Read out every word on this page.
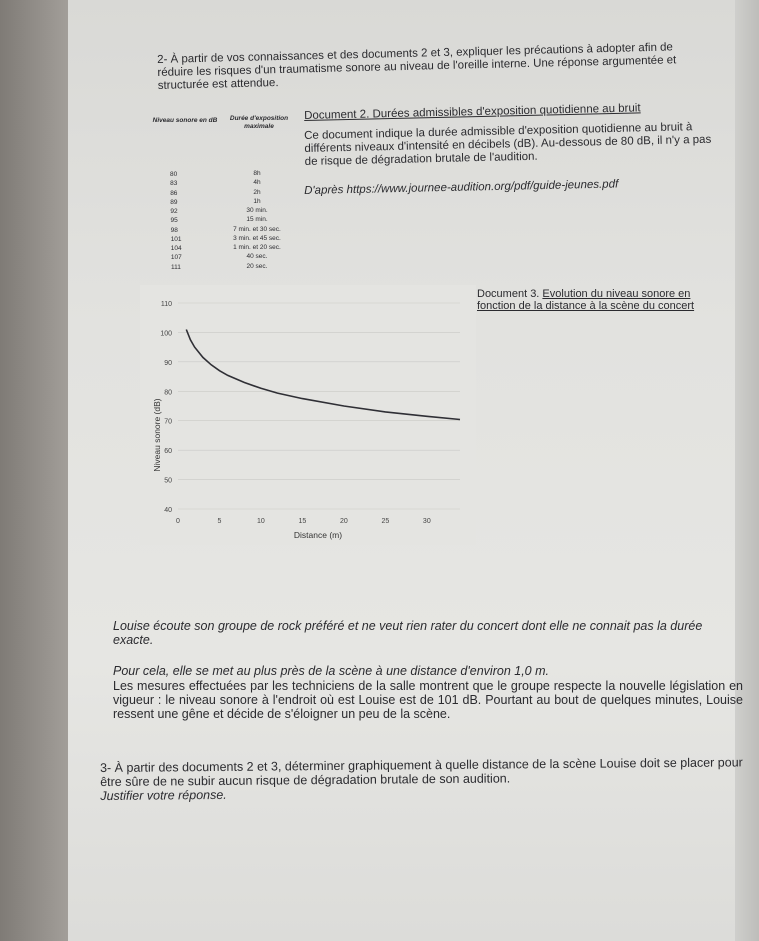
2- À partir de vos connaissances et des documents 2 et 3, expliquer les précautions à adopter afin de réduire les risques d'un traumatisme sonore au niveau de l'oreille interne. Une réponse argumentée et structurée est attendue.

Niveau sonore en dB	Durée d'exposition maximale
80	8h
83	4h
86	2h
89	1h
92	30 min.
95	15 min.
98	7 min. et 30 sec.
101	3 min. et 45 sec.
104	1 min. et 20 sec.
107	40 sec.
111	20 sec.

Document 2. Durées admissibles d'exposition quotidienne au bruit

Ce document indique la durée admissible d'exposition quotidienne au bruit à différents niveaux d'intensité en décibels (dB). Au-dessous de 80 dB, il n'y a pas de risque de dégradation brutale de l'audition.

D'après https://www.journee-audition.org/pdf/guide-jeunes.pdf

Document 3. Evolution du niveau sonore en fonction de la distance à la scène du concert

40
50
60
70
80
90
100
110
0	5	10	15	20	25	30
Distance (m)
Niveau sonore (dB)

Louise écoute son groupe de rock préféré et ne veut rien rater du concert dont elle ne connait pas la durée exacte.

Pour cela, elle se met au plus près de la scène à une distance d'environ 1,0 m.

Les mesures effectuées par les techniciens de la salle montrent que le groupe respecte la nouvelle législation en vigueur : le niveau sonore à l'endroit où est Louise est de 101 dB. Pourtant au bout de quelques minutes, Louise ressent une gêne et décide de s'éloigner un peu de la scène.

3- À partir des documents 2 et 3, déterminer graphiquement à quelle distance de la scène Louise doit se placer pour être sûre de ne subir aucun risque de dégradation brutale de son audition.

Justifier votre réponse.
